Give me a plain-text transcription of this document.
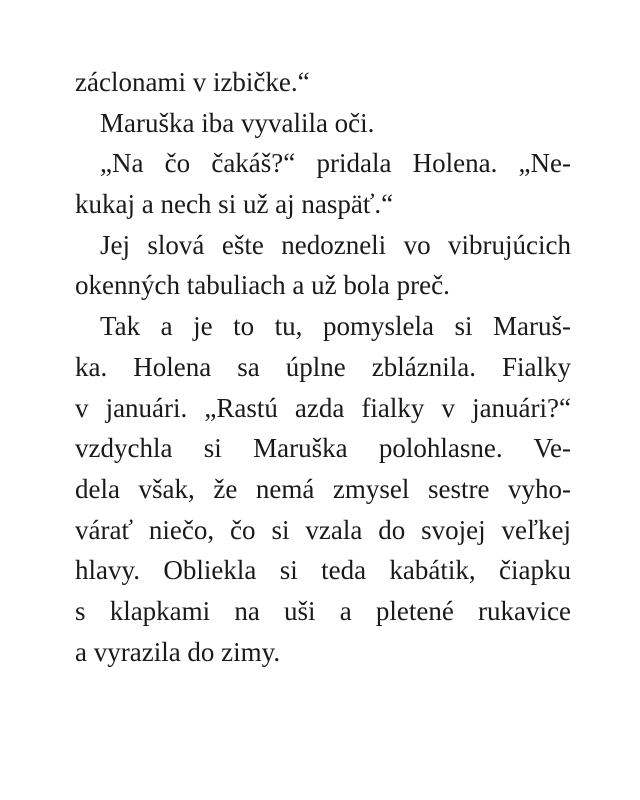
záclonami v izbičke.“
Maruška iba vyvalila oči.
„Na čo čakáš?“ pridala Holena. „Ne-
kukaj a nech si už aj naspäť.“
Jej slová ešte nedozneli vo vibrujúcich
okenných tabuliach a už bola preč.
Tak a je to tu, pomyslela si Maruš-
ka. Holena sa úplne zbláznila. Fialky
v januári. „Rastú azda fialky v januári?“
vzdychla si Maruška polohlasne. Ve-
dela však, že nemá zmysel sestre vyho-
várať niečo, čo si vzala do svojej veľkej
hlavy. Obliekla si teda kabátik, čiapku
s klapkami na uši a pletené rukavice
a vyrazila do zimy.
